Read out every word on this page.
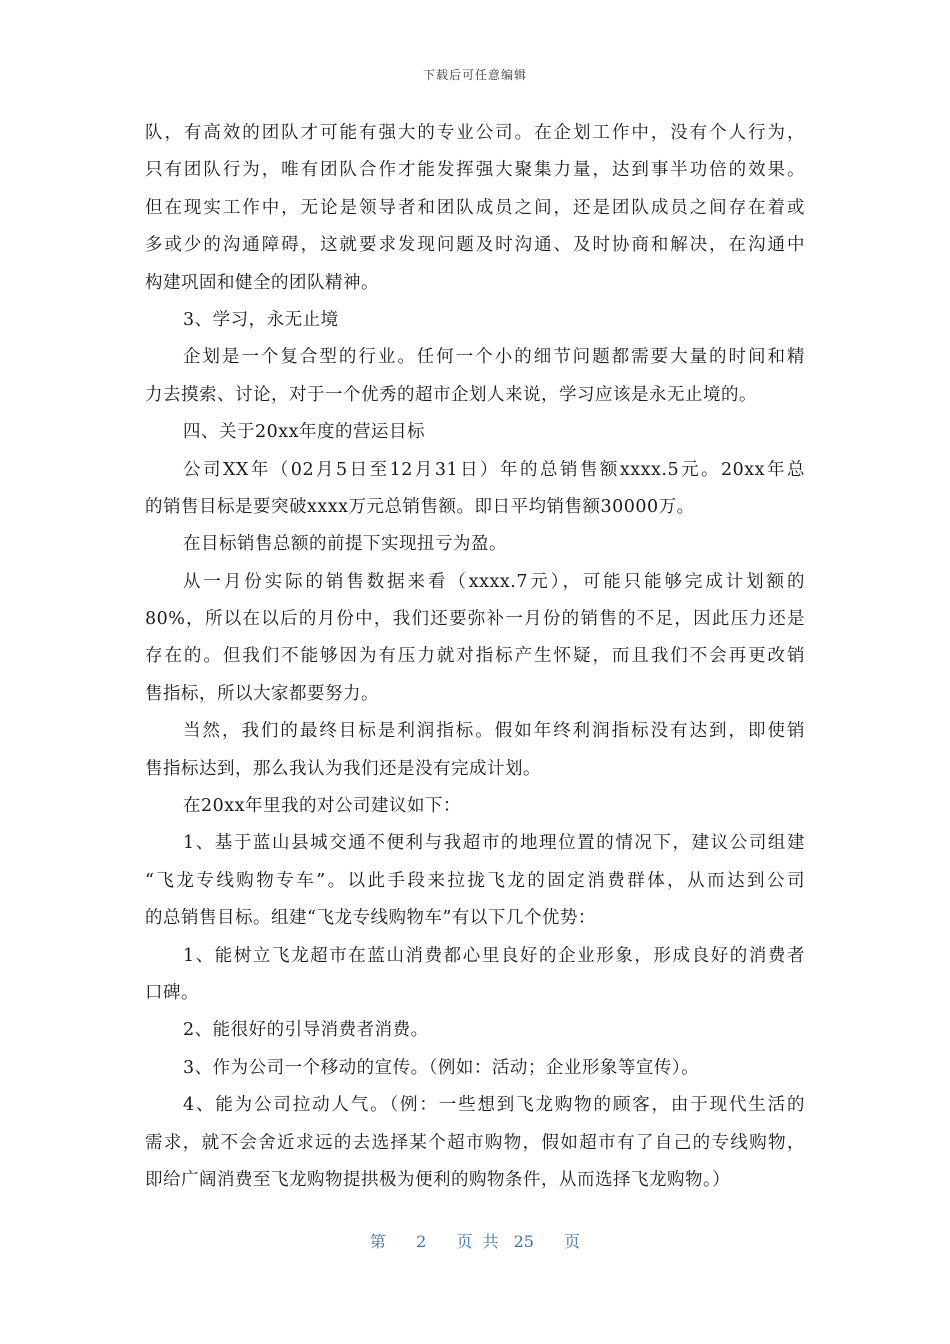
下载后可任意编辑
队，有高效的团队才可能有强大的专业公司。在企划工作中，没有个人行为，
只有团队行为，唯有团队合作才能发挥强大聚集力量，达到事半功倍的效果。
但在现实工作中，无论是领导者和团队成员之间，还是团队成员之间存在着或
多或少的沟通障碍，这就要求发现问题及时沟通、及时协商和解决，在沟通中
构建巩固和健全的团队精神。
3、学习，永无止境
企划是一个复合型的行业。任何一个小的细节问题都需要大量的时间和精
力去摸索、讨论，对于一个优秀的超市企划人来说，学习应该是永无止境的。
四、关于20xx年度的营运目标
公司XX年（02月5日至12月31日）年的总销售额xxxx.5元。20xx年总
的销售目标是要突破xxxx万元总销售额。即日平均销售额30000万。
在目标销售总额的前提下实现扭亏为盈。
从一月份实际的销售数据来看（xxxx.7元），可能只能够完成计划额的
80%，所以在以后的月份中，我们还要弥补一月份的销售的不足，因此压力还是
存在的。但我们不能够因为有压力就对指标产生怀疑，而且我们不会再更改销
售指标，所以大家都要努力。
当然，我们的最终目标是利润指标。假如年终利润指标没有达到，即使销
售指标达到，那么我认为我们还是没有完成计划。
在20xx年里我的对公司建议如下：
1、基于蓝山县城交通不便利与我超市的地理位置的情况下，建议公司组建
“飞龙专线购物专车”。以此手段来拉拢飞龙的固定消费群体，从而达到公司
的总销售目标。组建“飞龙专线购物车”有以下几个优势：
1、能树立飞龙超市在蓝山消费都心里良好的企业形象，形成良好的消费者
口碑。
2、能很好的引导消费者消费。
3、作为公司一个移动的宣传。（例如：活动；企业形象等宣传）。
4、能为公司拉动人气。（例：一些想到飞龙购物的顾客，由于现代生活的
需求，就不会舍近求远的去选择某个超市购物，假如超市有了自己的专线购物，
即给广阔消费至飞龙购物提拱极为便利的购物条件，从而选择飞龙购物。）
第 2 页共 25 页
